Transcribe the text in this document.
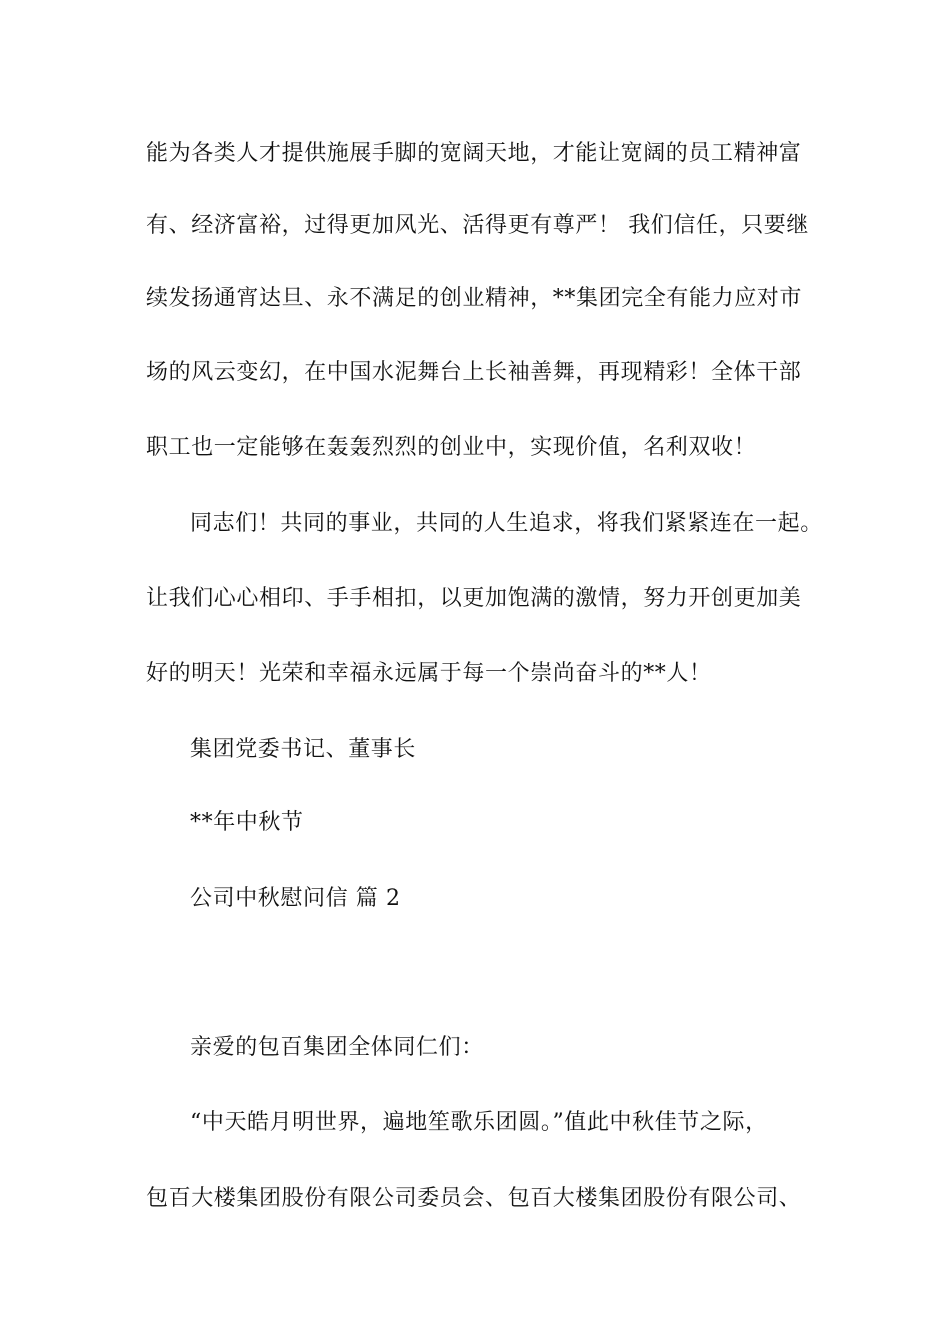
能为各类人才提供施展手脚的宽阔天地，才能让宽阔的员工精神富
有、经济富裕，过得更加风光、活得更有尊严！ 我们信任，只要继
续发扬通宵达旦、永不满足的创业精神，**集团完全有能力应对市
场的风云变幻，在中国水泥舞台上长袖善舞，再现精彩！全体干部
职工也一定能够在轰轰烈烈的创业中，实现价值，名利双收！
同志们！共同的事业，共同的人生追求，将我们紧紧连在一起。
让我们心心相印、手手相扣，以更加饱满的激情，努力开创更加美
好的明天！光荣和幸福永远属于每一个崇尚奋斗的**人！
集团党委书记、董事长
**年中秋节
公司中秋慰问信 篇 2
亲爱的包百集团全体同仁们：
“中天皓月明世界，遍地笙歌乐团圆。”值此中秋佳节之际，
包百大楼集团股份有限公司委员会、包百大楼集团股份有限公司、
